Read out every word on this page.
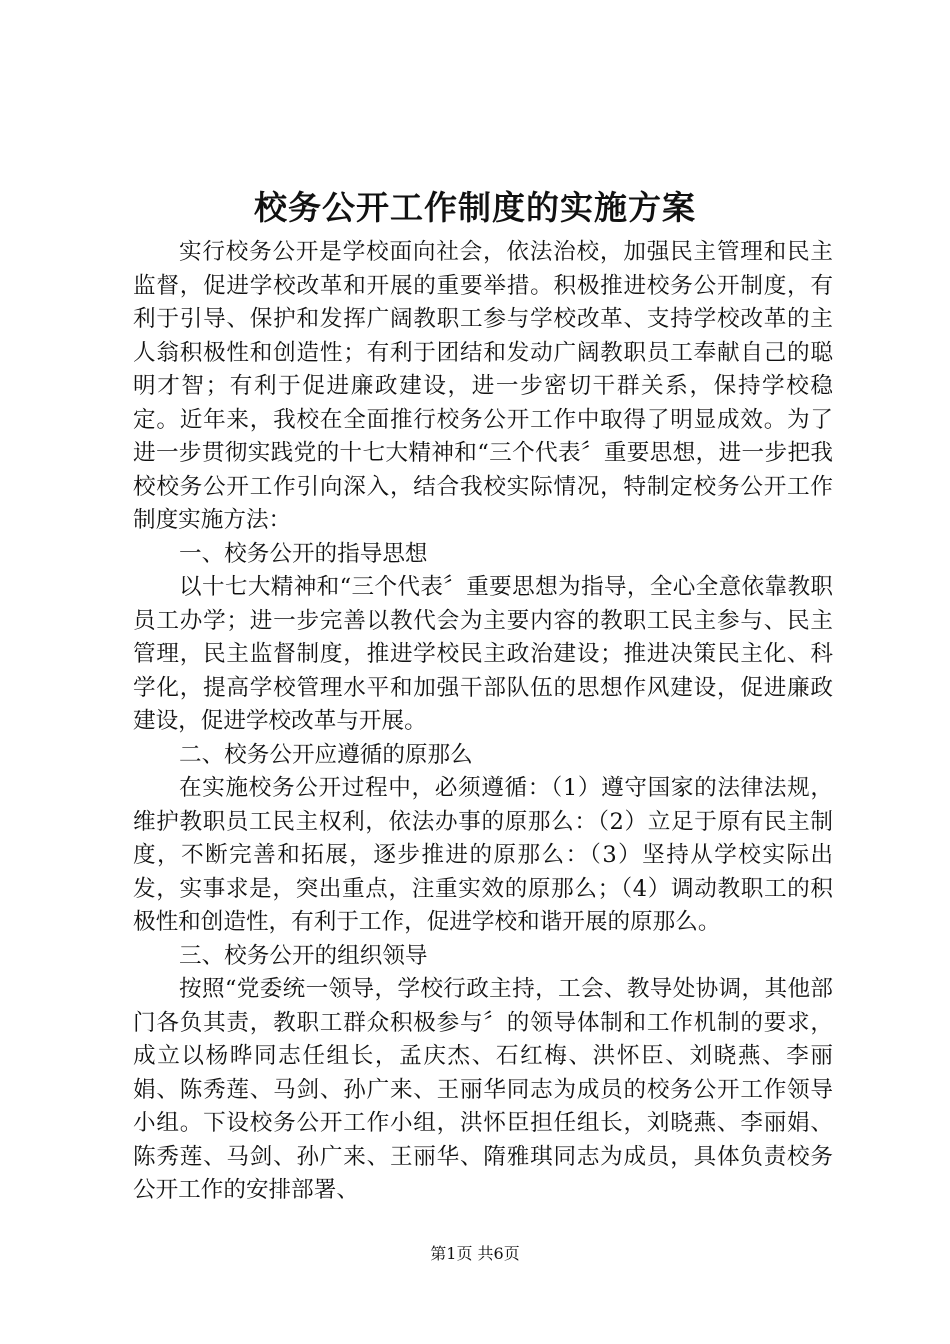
校务公开工作制度的实施方案

实行校务公开是学校面向社会，依法治校，加强民主管理和民主监督，促进学校改革和开展的重要举措。积极推进校务公开制度，有利于引导、保护和发挥广阔教职工参与学校改革、支持学校改革的主人翁积极性和创造性；有利于团结和发动广阔教职员工奉献自己的聪明才智；有利于促进廉政建设，进一步密切干群关系，保持学校稳定。近年来，我校在全面推行校务公开工作中取得了明显成效。为了进一步贯彻实践党的十七大精神和“三个代表〞重要思想，进一步把我校校务公开工作引向深入，结合我校实际情况，特制定校务公开工作制度实施方法：

一、校务公开的指导思想

以十七大精神和“三个代表〞重要思想为指导，全心全意依靠教职员工办学；进一步完善以教代会为主要内容的教职工民主参与、民主管理，民主监督制度，推进学校民主政治建设；推进决策民主化、科学化，提高学校管理水平和加强干部队伍的思想作风建设，促进廉政建设，促进学校改革与开展。

二、校务公开应遵循的原那么

在实施校务公开过程中，必须遵循：（1）遵守国家的法律法规，维护教职员工民主权利，依法办事的原那么：（2）立足于原有民主制度，不断完善和拓展，逐步推进的原那么：（3）坚持从学校实际出发，实事求是，突出重点，注重实效的原那么；（4）调动教职工的积极性和创造性，有利于工作，促进学校和谐开展的原那么。

三、校务公开的组织领导

按照“党委统一领导，学校行政主持，工会、教导处协调，其他部门各负其责，教职工群众积极参与〞的领导体制和工作机制的要求，成立以杨晔同志任组长，孟庆杰、石红梅、洪怀臣、刘晓燕、李丽娟、陈秀莲、马剑、孙广来、王丽华同志为成员的校务公开工作领导小组。下设校务公开工作小组，洪怀臣担任组长，刘晓燕、李丽娟、陈秀莲、马剑、孙广来、王丽华、隋雅琪同志为成员，具体负责校务公开工作的安排部署、

第1页 共6页
